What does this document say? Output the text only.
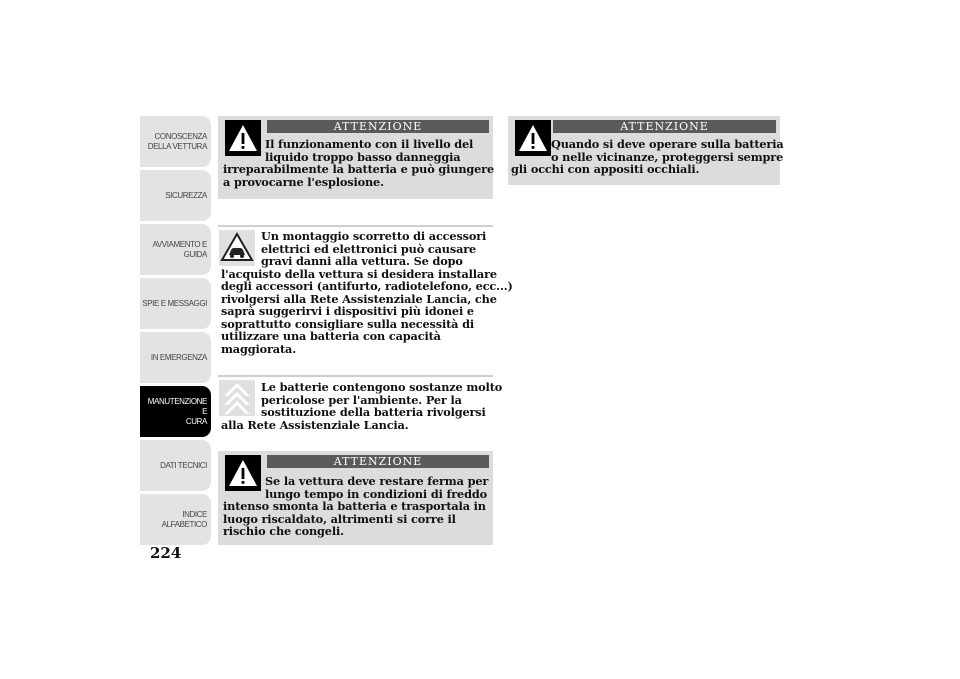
CONOSCENZA
DELLA VETTURA
SICUREZZA
AVVIAMENTO E
GUIDA
SPIE E MESSAGGI
IN EMERGENZA
MANUTENZIONE E
CURA
DATI TECNICI
INDICE
ALFABETICO
224
ATTENZIONE
Il funzionamento con il livello del
liquido troppo basso danneggia
irreparabilmente la batteria e può giungere
a provocarne l'esplosione.
Un montaggio scorretto di accessori
elettrici ed elettronici può causare
gravi danni alla vettura. Se dopo
l'acquisto della vettura si desidera installare
degli accessori (antifurto, radiotelefono, ecc...)
rivolgersi alla Rete Assistenziale Lancia, che
saprà suggerirvi i dispositivi più idonei e
soprattutto consigliare sulla necessità di
utilizzare una batteria con capacità
maggiorata.
Le batterie contengono sostanze molto
pericolose per l'ambiente. Per la
sostituzione della batteria rivolgersi
alla Rete Assistenziale Lancia.
ATTENZIONE
Se la vettura deve restare ferma per
lungo tempo in condizioni di freddo
intenso smonta la batteria e trasportala in
luogo riscaldato, altrimenti si corre il
rischio che congeli.
ATTENZIONE
Quando si deve operare sulla batteria
o nelle vicinanze, proteggersi sempre
gli occhi con appositi occhiali.
